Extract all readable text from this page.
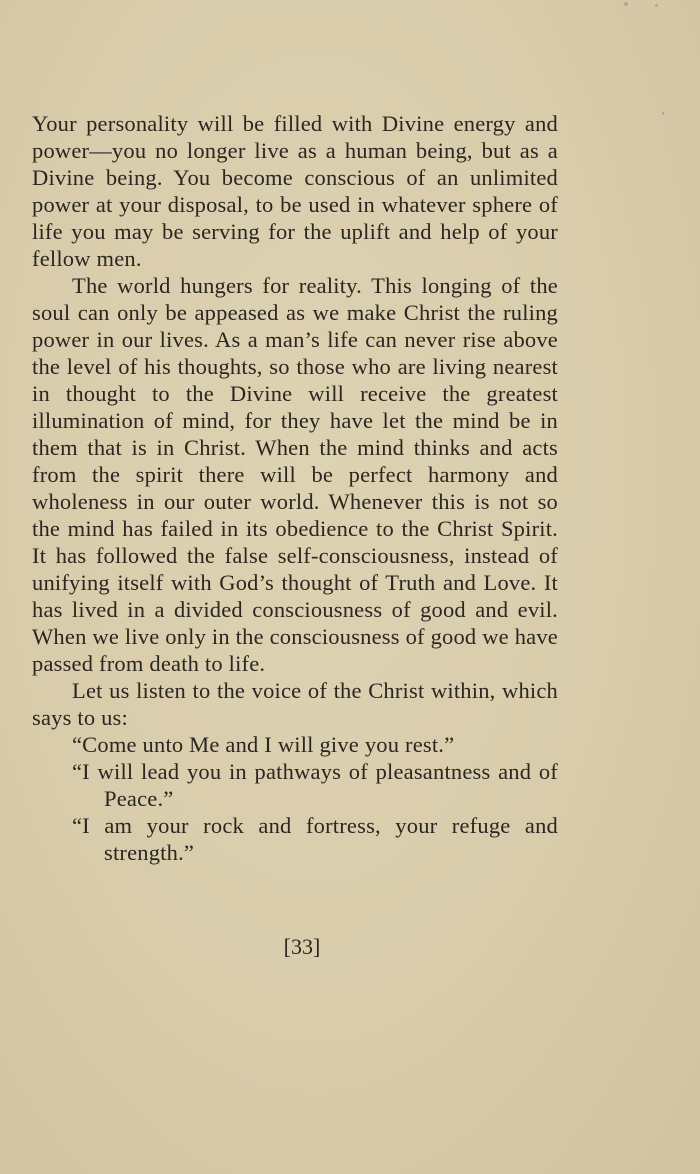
Your personality will be filled with Divine energy and power—you no longer live as a human being, but as a Divine being. You become conscious of an unlimited power at your disposal, to be used in whatever sphere of life you may be serving for the uplift and help of your fellow men.

The world hungers for reality. This longing of the soul can only be appeased as we make Christ the ruling power in our lives. As a man’s life can never rise above the level of his thoughts, so those who are living nearest in thought to the Divine will receive the greatest illumination of mind, for they have let the mind be in them that is in Christ. When the mind thinks and acts from the spirit there will be perfect harmony and wholeness in our outer world. Whenever this is not so the mind has failed in its obedience to the Christ Spirit. It has followed the false self-consciousness, instead of unifying itself with God’s thought of Truth and Love. It has lived in a divided consciousness of good and evil. When we live only in the consciousness of good we have passed from death to life.

Let us listen to the voice of the Christ within, which says to us:

“Come unto Me and I will give you rest.”

“I will lead you in pathways of pleasantness and of Peace.”

“I am your rock and fortress, your refuge and strength.”

[33]
